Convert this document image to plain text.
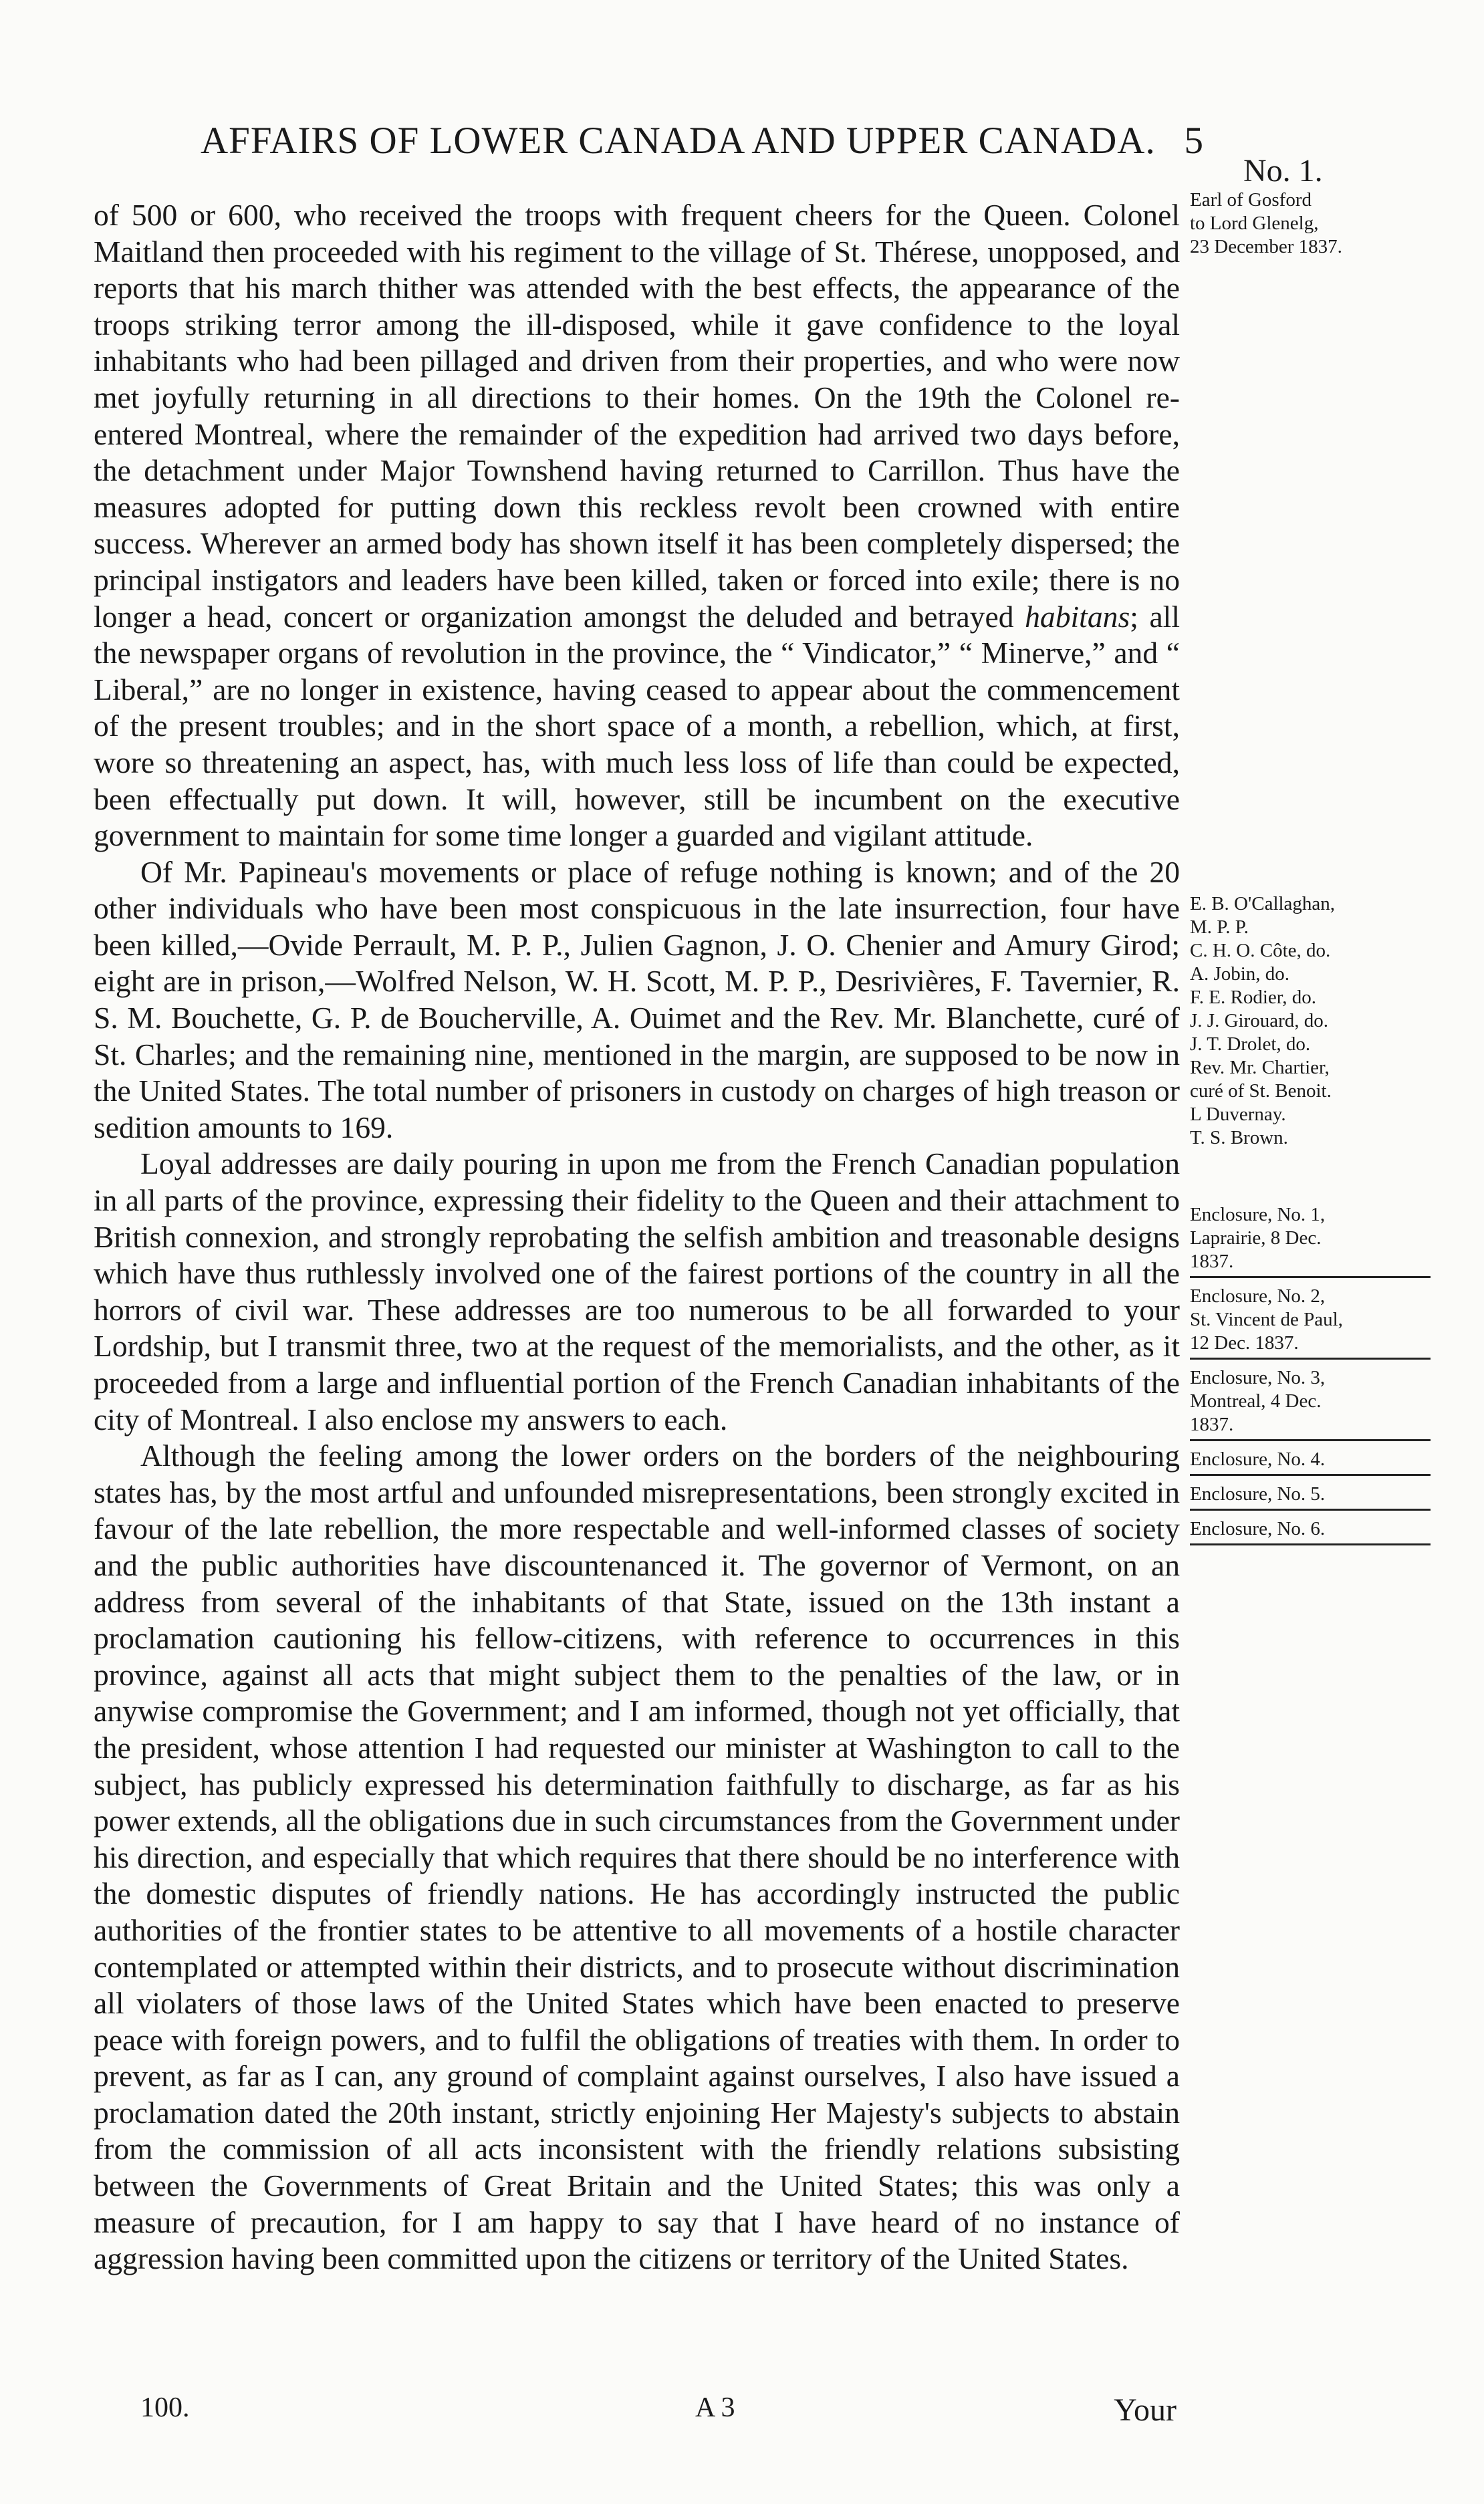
AFFAIRS OF LOWER CANADA AND UPPER CANADA. 5
No. 1.
Earl of Gosford
to Lord Glenelg,
23 December 1837.
E. B. O'Callaghan,
M. P. P.
C. H. O. Côte, do.
A. Jobin, do.
F. E. Rodier, do.
J. J. Girouard, do.
J. T. Drolet, do.
Rev. Mr. Chartier,
curé of St. Benoit.
L Duvernay.
T. S. Brown.
Enclosure, No. 1,
Laprairie, 8 Dec.
1837.
Enclosure, No. 2,
St. Vincent de Paul,
12 Dec. 1837.
Enclosure, No. 3,
Montreal, 4 Dec.
1837.
Enclosure, No. 4.
Enclosure, No. 5.
Enclosure, No. 6.

of 500 or 600, who received the troops with frequent cheers for the Queen. Colonel Maitland then proceeded with his regiment to the village of St. Thérese, unopposed, and reports that his march thither was attended with the best effects, the appearance of the troops striking terror among the ill-disposed, while it gave confidence to the loyal inhabitants who had been pillaged and driven from their properties, and who were now met joyfully returning in all directions to their homes. On the 19th the Colonel re-entered Montreal, where the remainder of the expedition had arrived two days before, the detachment under Major Townshend having returned to Carrillon. Thus have the measures adopted for putting down this reckless revolt been crowned with entire success. Wherever an armed body has shown itself it has been completely dispersed; the principal instigators and leaders have been killed, taken or forced into exile; there is no longer a head, concert or organization amongst the deluded and betrayed habitans; all the newspaper organs of revolution in the province, the “ Vindicator,” “ Minerve,” and “ Liberal,” are no longer in existence, having ceased to appear about the commencement of the present troubles; and in the short space of a month, a rebellion, which, at first, wore so threatening an aspect, has, with much less loss of life than could be expected, been effectually put down. It will, however, still be incumbent on the executive government to maintain for some time longer a guarded and vigilant attitude.

Of Mr. Papineau's movements or place of refuge nothing is known; and of the 20 other individuals who have been most conspicuous in the late insurrection, four have been killed,—Ovide Perrault, M. P. P., Julien Gagnon, J. O. Chenier and Amury Girod; eight are in prison,—Wolfred Nelson, W. H. Scott, M. P. P., Desrivières, F. Tavernier, R. S. M. Bouchette, G. P. de Boucherville, A. Ouimet and the Rev. Mr. Blanchette, curé of St. Charles; and the remaining nine, mentioned in the margin, are supposed to be now in the United States. The total number of prisoners in custody on charges of high treason or sedition amounts to 169.

Loyal addresses are daily pouring in upon me from the French Canadian population in all parts of the province, expressing their fidelity to the Queen and their attachment to British connexion, and strongly reprobating the selfish ambition and treasonable designs which have thus ruthlessly involved one of the fairest portions of the country in all the horrors of civil war. These addresses are too numerous to be all forwarded to your Lordship, but I transmit three, two at the request of the memorialists, and the other, as it proceeded from a large and influential portion of the French Canadian inhabitants of the city of Montreal. I also enclose my answers to each.

Although the feeling among the lower orders on the borders of the neighbouring states has, by the most artful and unfounded misrepresentations, been strongly excited in favour of the late rebellion, the more respectable and well-informed classes of society and the public authorities have discountenanced it. The governor of Vermont, on an address from several of the inhabitants of that State, issued on the 13th instant a proclamation cautioning his fellow-citizens, with reference to occurrences in this province, against all acts that might subject them to the penalties of the law, or in anywise compromise the Government; and I am informed, though not yet officially, that the president, whose attention I had requested our minister at Washington to call to the subject, has publicly expressed his determination faithfully to discharge, as far as his power extends, all the obligations due in such circumstances from the Government under his direction, and especially that which requires that there should be no interference with the domestic disputes of friendly nations. He has accordingly instructed the public authorities of the frontier states to be attentive to all movements of a hostile character contemplated or attempted within their districts, and to prosecute without discrimination all violaters of those laws of the United States which have been enacted to preserve peace with foreign powers, and to fulfil the obligations of treaties with them. In order to prevent, as far as I can, any ground of complaint against ourselves, I also have issued a proclamation dated the 20th instant, strictly enjoining Her Majesty's subjects to abstain from the commission of all acts inconsistent with the friendly relations subsisting between the Governments of Great Britain and the United States; this was only a measure of precaution, for I am happy to say that I have heard of no instance of aggression having been committed upon the citizens or territory of the United States.

100.	A 3	Your
